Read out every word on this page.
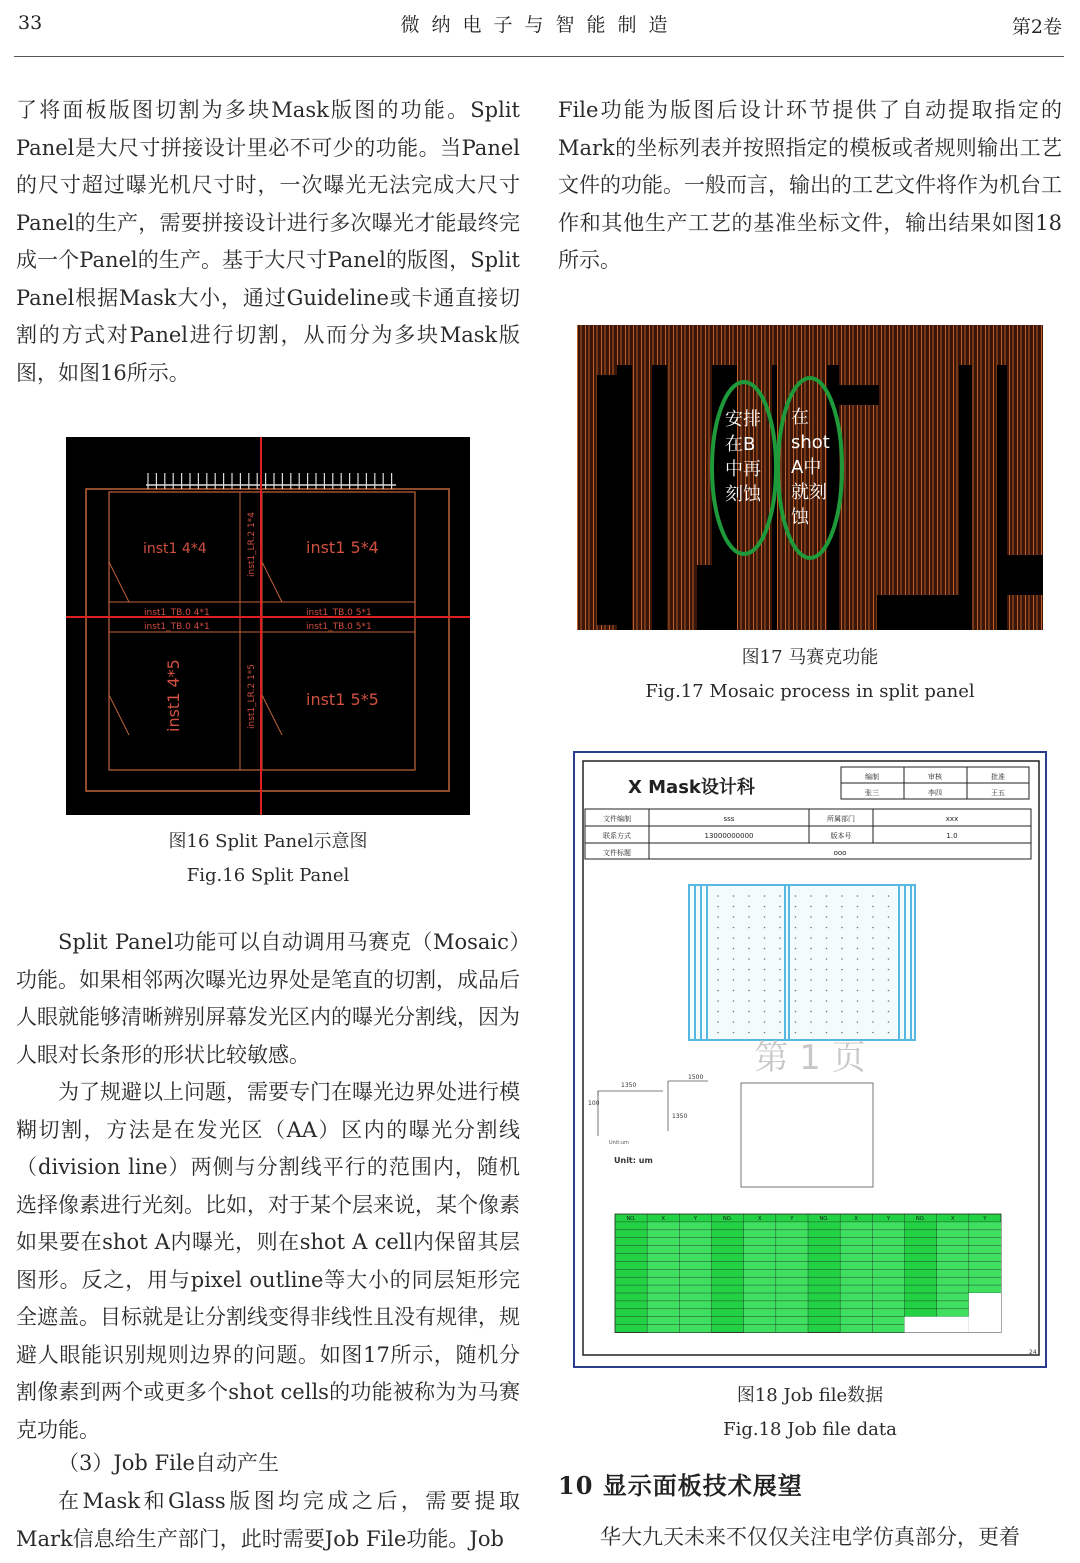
33	微纳电子与智能制造	第2卷
了将面板版图切割为多块Mask版图的功能。Split Panel是大尺寸拼接设计里必不可少的功能。当Panel的尺寸超过曝光机尺寸时，一次曝光无法完成大尺寸Panel的生产，需要拼接设计进行多次曝光才能最终完成一个Panel的生产。基于大尺寸Panel的版图，Split Panel根据Mask大小，通过Guideline或卡通直接切割的方式对Panel进行切割，从而分为多块Mask版图，如图16所示。
inst1 4*4	inst1 5*4
inst1 5*5
inst1 4*5
inst1_TB.0 4*1
inst1_TB.0 4*1
inst1_TB.0 5*1
inst1_TB.0 5*1
inst1_LR.2 1*4
inst1_LR.2 1*5
图16 Split Panel示意图
Fig.16 Split Panel
Split Panel功能可以自动调用马赛克（Mosaic）功能。如果相邻两次曝光边界处是笔直的切割，成品后人眼就能够清晰辨别屏幕发光区内的曝光分割线，因为人眼对长条形的形状比较敏感。
为了规避以上问题，需要专门在曝光边界处进行模糊切割，方法是在发光区（AA）区内的曝光分割线（division line）两侧与分割线平行的范围内，随机选择像素进行光刻。比如，对于某个层来说，某个像素如果要在shot A内曝光，则在shot A cell内保留其层图形。反之，用与pixel outline等大小的同层矩形完全遮盖。目标就是让分割线变得非线性且没有规律，规避人眼能识别规则边界的问题。如图17所示，随机分割像素到两个或更多个shot cells的功能被称为为马赛克功能。
（3）Job File自动产生
在Mask和Glass版图均完成之后，需要提取Mark信息给生产部门，此时需要Job File功能。Job
File功能为版图后设计环节提供了自动提取指定的Mark的坐标列表并按照指定的模板或者规则输出工艺文件的功能。一般而言，输出的工艺文件将作为机台工作和其他生产工艺的基准坐标文件，输出结果如图18所示。
安排
在B
中再
刻蚀
在
shot
A中
就刻
蚀
图17 马赛克功能
Fig.17 Mosaic process in split panel
X Mask设计科	编制	审核	批准
张三	李四	王五
文件编制	sss	所属部门	xxx
联系方式	13000000000	版本号	1.0
文件标题	ooo
第 1 页
1350
1500
100
1350
Unit:um
Unit: um
NO.	X	Y	NO.	X	Y	NO.	X	Y	NO.	X	Y
24
图18 Job file数据
Fig.18 Job file data
10 显示面板技术展望
华大九天未来不仅仅关注电学仿真部分，更着
